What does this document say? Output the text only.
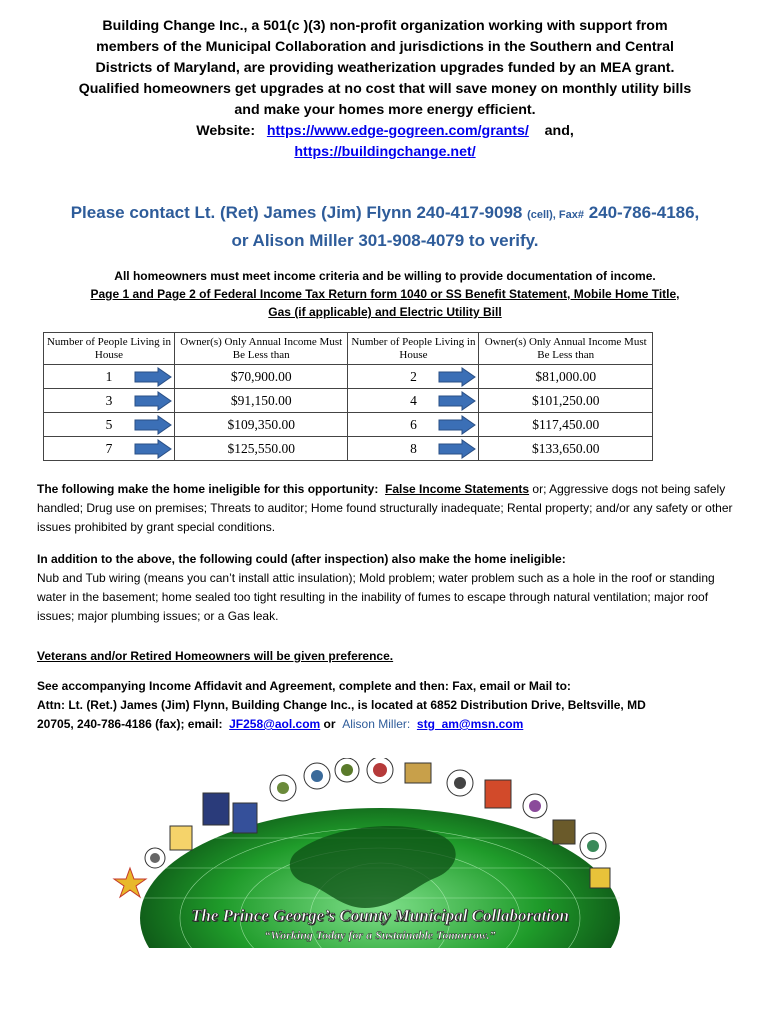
Building Change Inc., a 501(c )(3) non-profit organization working with support from
members of the Municipal Collaboration and jurisdictions in the Southern and Central
Districts of Maryland, are providing weatherization upgrades funded by an MEA grant.
Qualified homeowners get upgrades at no cost that will save money on monthly utility bills
and make your homes more energy efficient.
Website: https://www.edge-gogreen.com/grants/ and,
https://buildingchange.net/
Please contact Lt. (Ret) James (Jim) Flynn 240-417-9098 (cell), Fax# 240-786-4186,
or Alison Miller 301-908-4079 to verify.
All homeowners must meet income criteria and be willing to provide documentation of income.
Page 1 and Page 2 of Federal Income Tax Return form 1040 or SS Benefit Statement, Mobile Home Title,
Gas (if applicable) and Electric Utility Bill
Number of People Living in House	Owner(s) Only Annual Income Must Be Less than	Number of People Living in House	Owner(s) Only Annual Income Must Be Less than
1	$70,900.00	2	$81,000.00
3	$91,150.00	4	$101,250.00
5	$109,350.00	6	$117,450.00
7	$125,550.00	8	$133,650.00
The following make the home ineligible for this opportunity: False Income Statements or; Aggressive dogs not being safely handled; Drug use on premises; Threats to auditor; Home found structurally inadequate; Rental property; and/or any safety or other issues prohibited by grant special conditions.
In addition to the above, the following could (after inspection) also make the home ineligible:
Nub and Tub wiring (means you can’t install attic insulation); Mold problem; water problem such as a hole in the roof or standing water in the basement; home sealed too tight resulting in the inability of fumes to escape through natural ventilation; major roof issues; major plumbing issues; or a Gas leak.
Veterans and/or Retired Homeowners will be given preference.
See accompanying Income Affidavit and Agreement, complete and then: Fax, email or Mail to:
Attn: Lt. (Ret.) James (Jim) Flynn, Building Change Inc., is located at 6852 Distribution Drive, Beltsville, MD
20705, 240-786-4186 (fax); email: JF258@aol.com or Alison Miller: stg_am@msn.com
The Prince George’s County Municipal Collaboration
“Working Today for a Sustainable Tomorrow.”
